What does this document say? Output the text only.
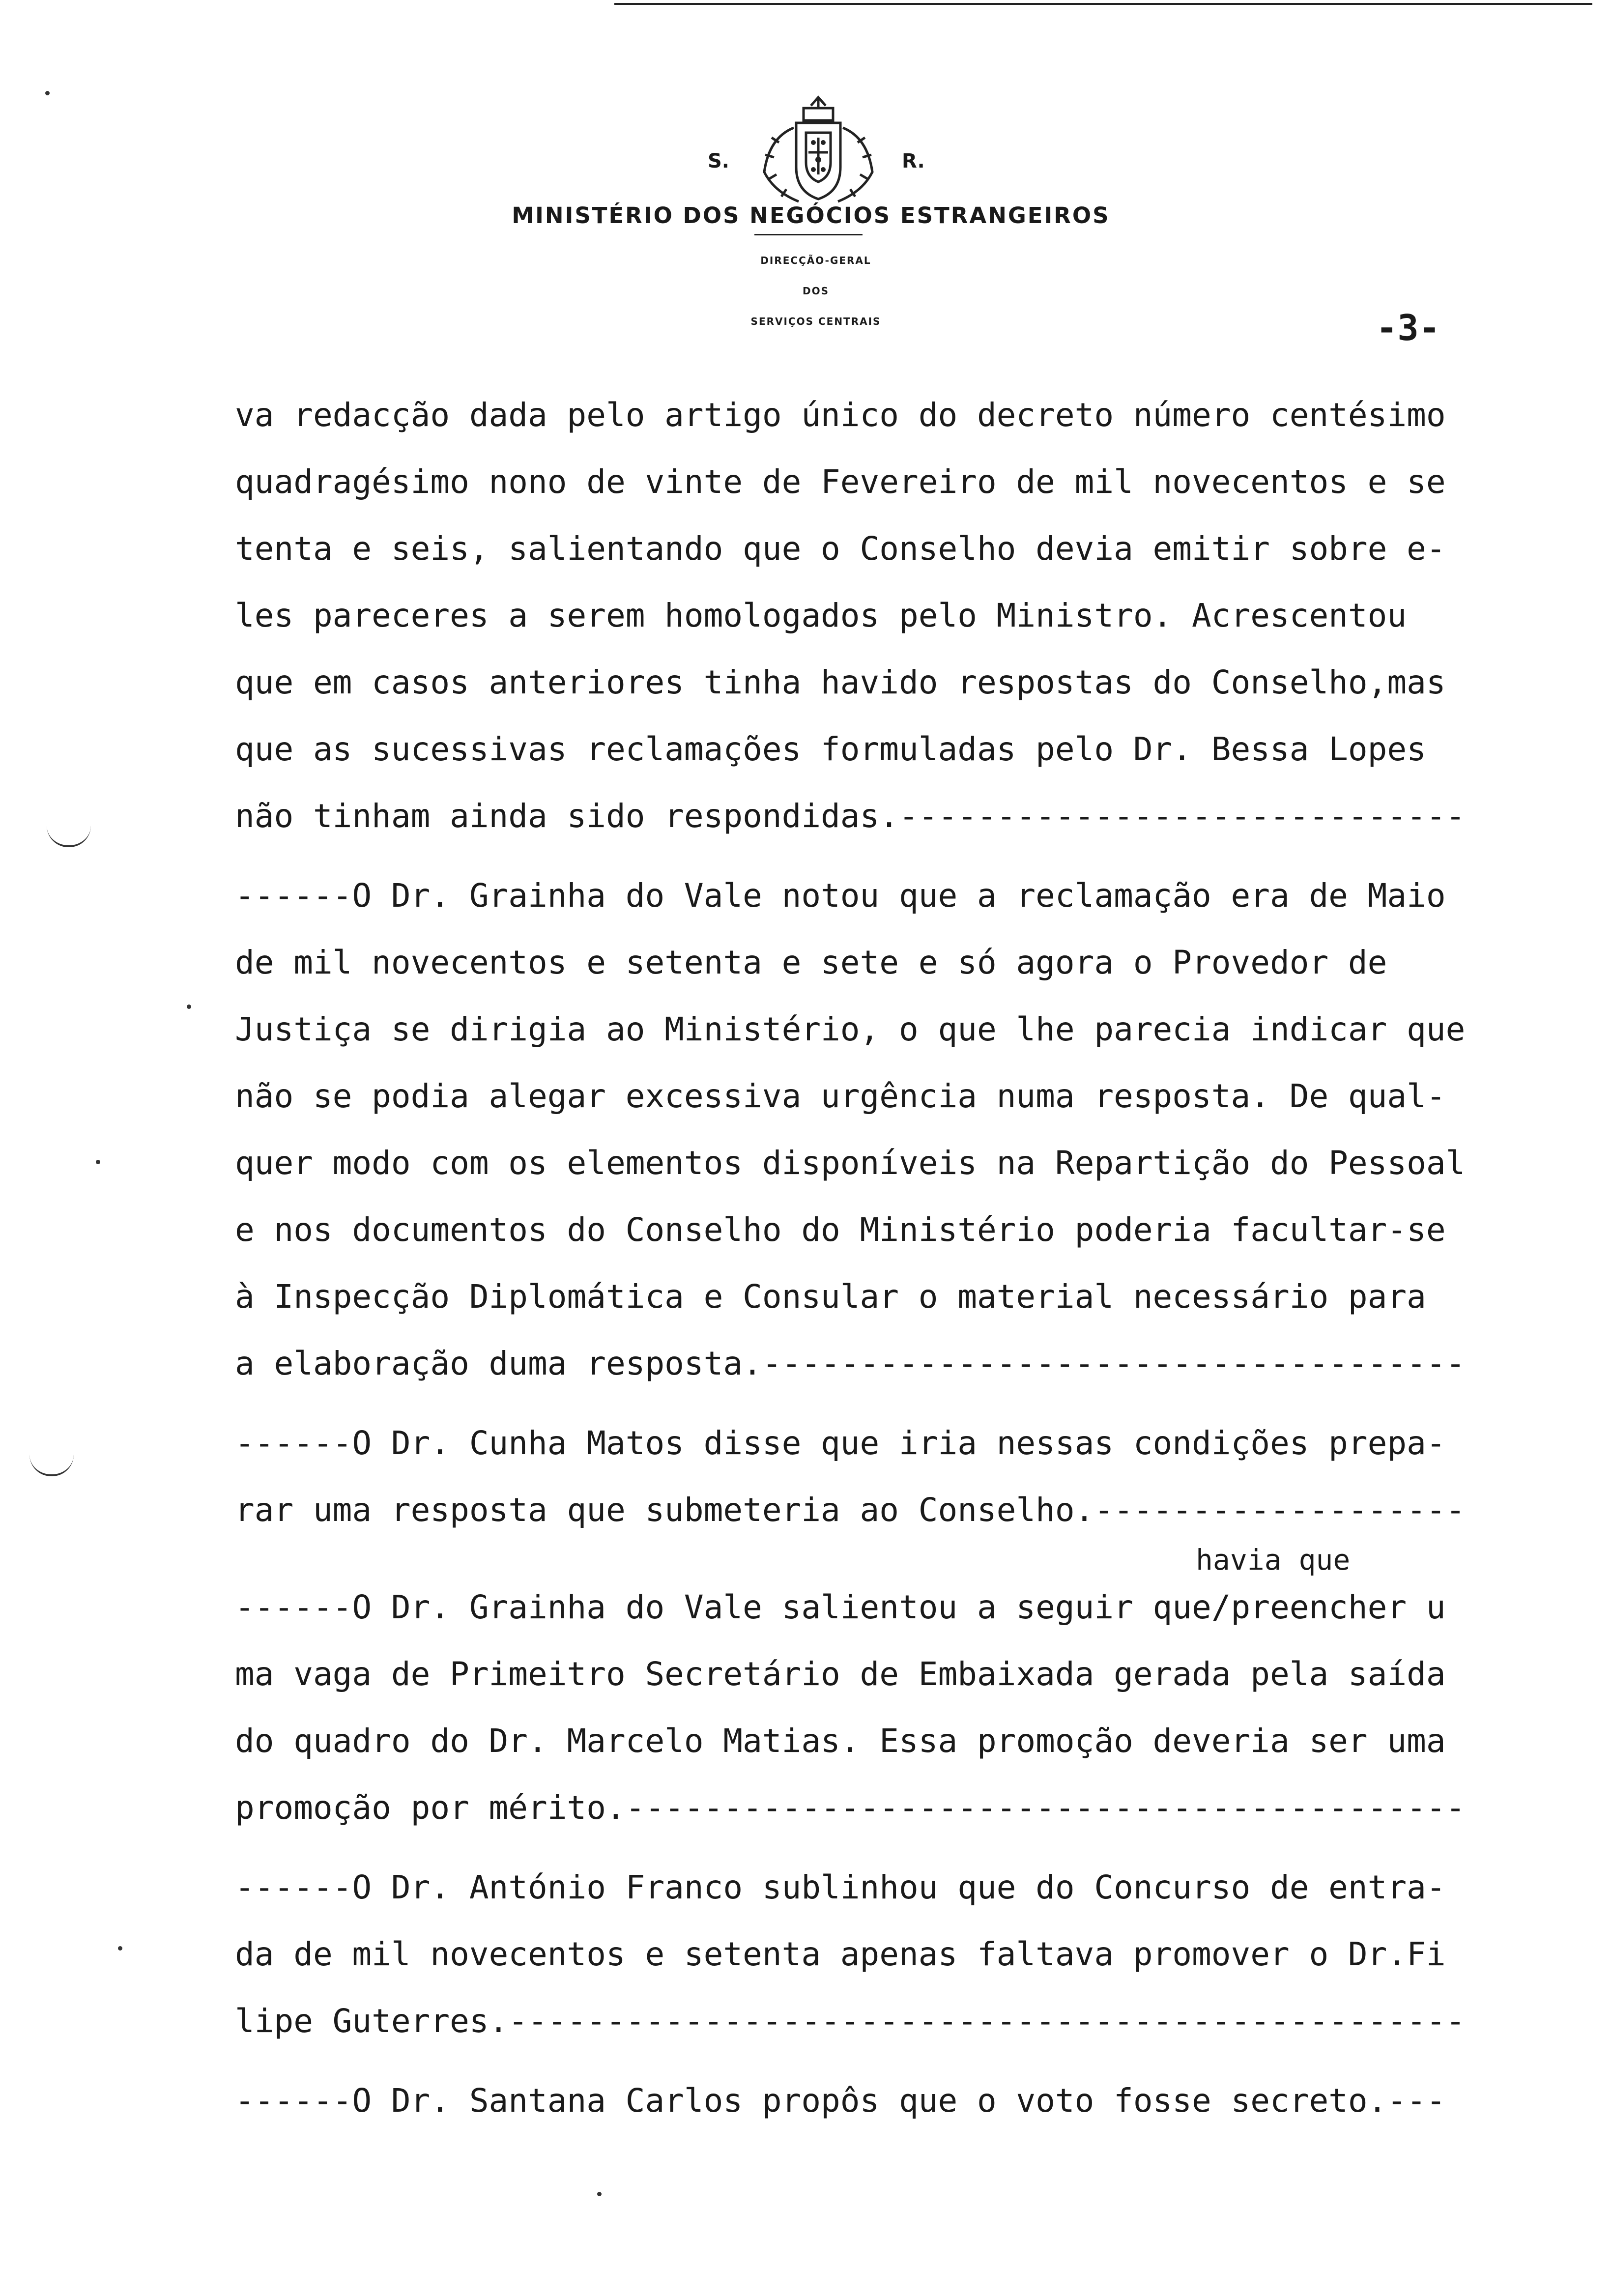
S.	R.
MINISTÉRIO DOS NEGÓCIOS ESTRANGEIROS
DIRECÇÃO-GERAL
DOS
SERVIÇOS CENTRAIS	-3-
va redacção dada pelo artigo único do decreto número centésimo
quadragésimo nono de vinte de Fevereiro de mil novecentos e se
tenta e seis, salientando que o Conselho devia emitir sobre e-
les pareceres a serem homologados pelo Ministro. Acrescentou
que em casos anteriores tinha havido respostas do Conselho,mas
que as sucessivas reclamações formuladas pelo Dr. Bessa Lopes
não tinham ainda sido respondidas.-----------------------------
------O Dr. Grainha do Vale notou que a reclamação era de Maio
de mil novecentos e setenta e sete e só agora o Provedor de
Justiça se dirigia ao Ministério, o que lhe parecia indicar que
não se podia alegar excessiva urgência numa resposta. De qual-
quer modo com os elementos disponíveis na Repartição do Pessoal
e nos documentos do Conselho do Ministério poderia facultar-se
à Inspecção Diplomática e Consular o material necessário para
a elaboração duma resposta.------------------------------------
------O Dr. Cunha Matos disse que iria nessas condições prepa-
rar uma resposta que submeteria ao Conselho.-------------------
havia que
------O Dr. Grainha do Vale salientou a seguir que/preencher u
ma vaga de Primeitro Secretário de Embaixada gerada pela saída
do quadro do Dr. Marcelo Matias. Essa promoção deveria ser uma
promoção por mérito.-------------------------------------------
------O Dr. António Franco sublinhou que do Concurso de entra-
da de mil novecentos e setenta apenas faltava promover o Dr.Fi
lipe Guterres.-------------------------------------------------
------O Dr. Santana Carlos propôs que o voto fosse secreto.---
